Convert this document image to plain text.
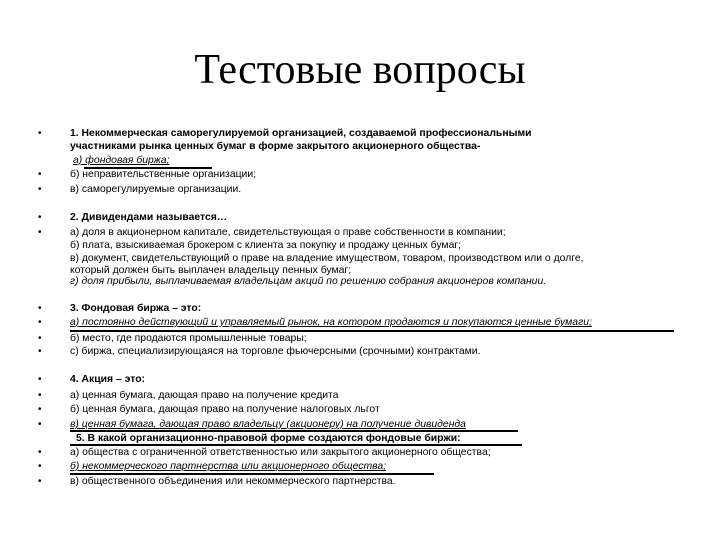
Тестовые вопросы
•	1. Некоммерческая саморегулируемой организацией, создаваемой профессиональными
участниками рынка ценных бумаг в форме закрытого акционерного общества-
а) фондовая биржа;
•	б) неправительственные организации;
•	в) саморегулируемые организации.
•	2. Дивидендами называется…
•	а) доля в акционерном капитале, свидетельствующая о праве собственности в компании;
б) плата, взыскиваемая брокером с клиента за покупку и продажу ценных бумаг;
в) документ, свидетельствующий о праве на владение имуществом, товаром, производством или о долге,
который должен быть выплачен владельцу пенных бумаг;
г) доля прибыли, выплачиваемая владельцам акций по решению собрания акционеров компании.
•	3. Фондовая биржа – это:
•	а) постоянно действующий и управляемый рынок, на котором продаются и покупаются ценные бумаги;
•	б) место, где продаются промышленные товары;
•	с) биржа, специализирующаяся на торговле фьючерсными (срочными) контрактами.
•	4. Акция – это:
•	а) ценная бумага, дающая право на получение кредита
•	б) ценная бумага, дающая право на получение налоговых льгот
•	в) ценная бумага, дающая право владельцу (акционеру) на получение дивиденда
5. В какой организационно-правовой форме создаются фондовые биржи:
•	а) общества с ограниченной ответственностью или закрытого акционерного общества;
•	б) некоммерческого партнерства или акционерного общества;
•	в) общественного объединения или некоммерческого партнерства.
